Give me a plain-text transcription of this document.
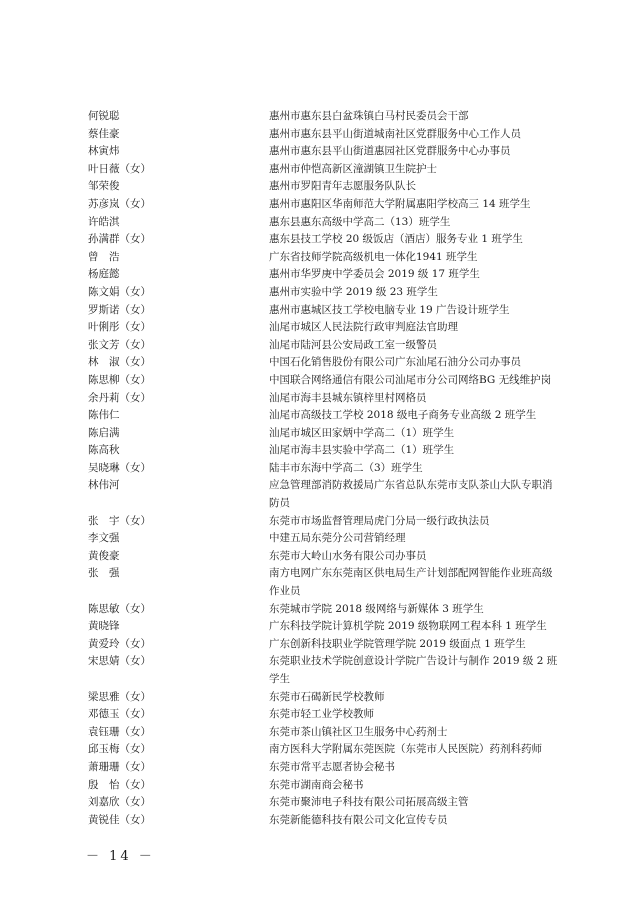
何锐聪	惠州市惠东县白盆珠镇白马村民委员会干部
蔡佳豪	惠州市惠东县平山街道城南社区党群服务中心工作人员
林寅炜	惠州市惠东县平山街道惠园社区党群服务中心办事员
叶日薇（女）	惠州市仲恺高新区潼湖镇卫生院护士
邹荣俊	惠州市罗阳青年志愿服务队队长
苏彦岚（女）	惠州市惠阳区华南师范大学附属惠阳学校高三 14 班学生
许皓淇	惠东县惠东高级中学高二（13）班学生
孙满群（女）	惠东县技工学校 20 级饭店（酒店）服务专业 1 班学生
曾　浩	广东省技师学院高级机电一体化1941 班学生
杨庭懿	惠州市华罗庚中学委员会 2019 级 17 班学生
陈文娟（女）	惠州市实验中学 2019 级 23 班学生
罗斯诺（女）	惠州市惠城区技工学校电脑专业 19 广告设计班学生
叶俐彤（女）	汕尾市城区人民法院行政审判庭法官助理
张文芳（女）	汕尾市陆河县公安局政工室一级警员
林　淑（女）	中国石化销售股份有限公司广东汕尾石油分公司办事员
陈思柳（女）	中国联合网络通信有限公司汕尾市分公司网络BG 无线维护岗
余丹莉（女）	汕尾市海丰县城东镇梓里村网格员
陈伟仁	汕尾市高级技工学校 2018 级电子商务专业高级 2 班学生
陈启满	汕尾市城区田家炳中学高二（1）班学生
陈高秋	汕尾市海丰县实验中学高二（1）班学生
吴晓琳（女）	陆丰市东海中学高二（3）班学生
林伟河	应急管理部消防救援局广东省总队东莞市支队茶山大队专职消防员
张　宇（女）	东莞市市场监督管理局虎门分局一级行政执法员
李文强	中建五局东莞分公司营销经理
黄俊豪	东莞市大岭山水务有限公司办事员
张　强	南方电网广东东莞南区供电局生产计划部配网智能作业班高级作业员
陈思敏（女）	东莞城市学院 2018 级网络与新媒体 3 班学生
黄晓锋	广东科技学院计算机学院 2019 级物联网工程本科 1 班学生
黄爱玲（女）	广东创新科技职业学院管理学院 2019 级面点 1 班学生
宋思婧（女）	东莞职业技术学院创意设计学院广告设计与制作 2019 级 2 班学生
梁思雅（女）	东莞市石碣新民学校教师
邓德玉（女）	东莞市轻工业学校教师
袁钰珊（女）	东莞市茶山镇社区卫生服务中心药剂士
邱玉梅（女）	南方医科大学附属东莞医院（东莞市人民医院）药剂科药师
萧珊珊（女）	东莞市常平志愿者协会秘书
殷　怡（女）	东莞市湖南商会秘书
刘嘉欣（女）	东莞市聚沛电子科技有限公司拓展高级主管
黄锐佳（女）	东莞新能德科技有限公司文化宣传专员
－ 14 －
